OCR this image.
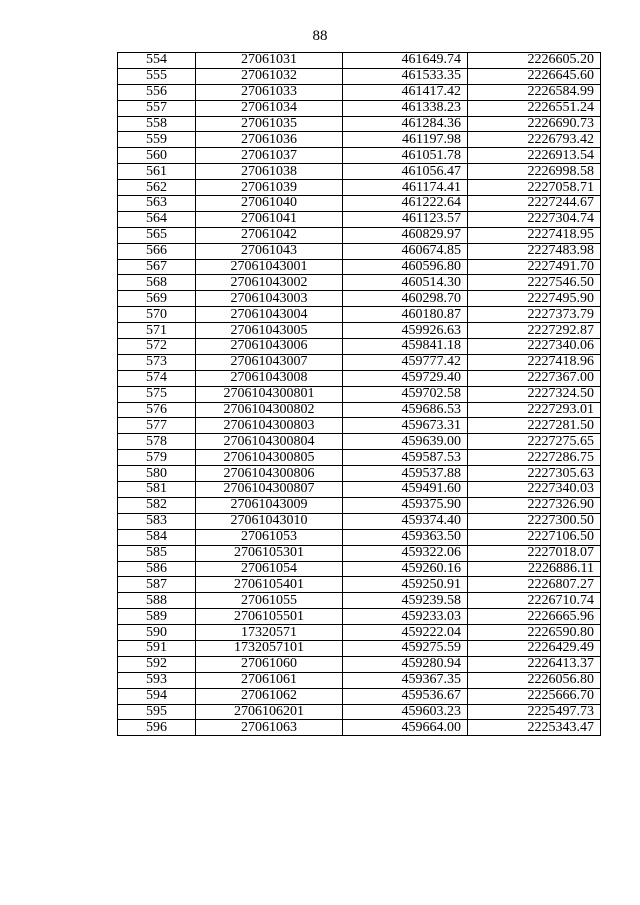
88
554	27061031	461649.74	2226605.20
555	27061032	461533.35	2226645.60
556	27061033	461417.42	2226584.99
557	27061034	461338.23	2226551.24
558	27061035	461284.36	2226690.73
559	27061036	461197.98	2226793.42
560	27061037	461051.78	2226913.54
561	27061038	461056.47	2226998.58
562	27061039	461174.41	2227058.71
563	27061040	461222.64	2227244.67
564	27061041	461123.57	2227304.74
565	27061042	460829.97	2227418.95
566	27061043	460674.85	2227483.98
567	27061043001	460596.80	2227491.70
568	27061043002	460514.30	2227546.50
569	27061043003	460298.70	2227495.90
570	27061043004	460180.87	2227373.79
571	27061043005	459926.63	2227292.87
572	27061043006	459841.18	2227340.06
573	27061043007	459777.42	2227418.96
574	27061043008	459729.40	2227367.00
575	2706104300801	459702.58	2227324.50
576	2706104300802	459686.53	2227293.01
577	2706104300803	459673.31	2227281.50
578	2706104300804	459639.00	2227275.65
579	2706104300805	459587.53	2227286.75
580	2706104300806	459537.88	2227305.63
581	2706104300807	459491.60	2227340.03
582	27061043009	459375.90	2227326.90
583	27061043010	459374.40	2227300.50
584	27061053	459363.50	2227106.50
585	2706105301	459322.06	2227018.07
586	27061054	459260.16	2226886.11
587	2706105401	459250.91	2226807.27
588	27061055	459239.58	2226710.74
589	2706105501	459233.03	2226665.96
590	17320571	459222.04	2226590.80
591	1732057101	459275.59	2226429.49
592	27061060	459280.94	2226413.37
593	27061061	459367.35	2226056.80
594	27061062	459536.67	2225666.70
595	2706106201	459603.23	2225497.73
596	27061063	459664.00	2225343.47
